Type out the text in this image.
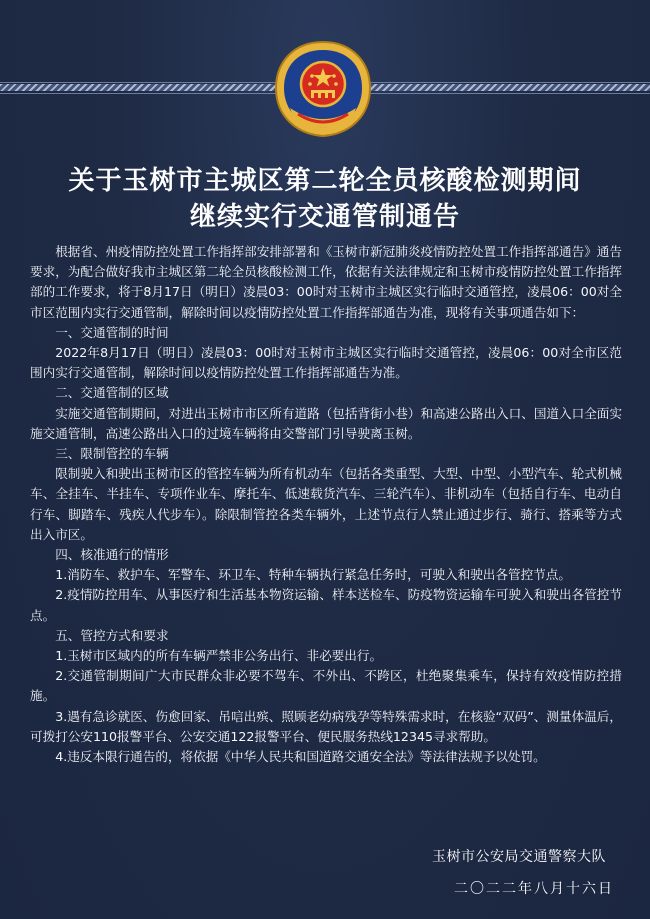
关于玉树市主城区第二轮全员核酸检测期间
继续实行交通管制通告

根据省、州疫情防控处置工作指挥部安排部署和《玉树市新冠肺炎疫情防控处置工作指挥部通告》通告要求，为配合做好我市主城区第二轮全员核酸检测工作，依据有关法律规定和玉树市疫情防控处置工作指挥部的工作要求，将于8月17日（明日）凌晨03：00时对玉树市主城区实行临时交通管控，凌晨06：00对全市区范围内实行交通管制，解除时间以疫情防控处置工作指挥部通告为准，现将有关事项通告如下：

一、交通管制的时间

2022年8月17日（明日）凌晨03：00时对玉树市主城区实行临时交通管控，凌晨06：00对全市区范围内实行交通管制，解除时间以疫情防控处置工作指挥部通告为准。

二、交通管制的区域

实施交通管制期间，对进出玉树市市区所有道路（包括背街小巷）和高速公路出入口、国道入口全面实施交通管制，高速公路出入口的过境车辆将由交警部门引导驶离玉树。

三、限制管控的车辆

限制驶入和驶出玉树市区的管控车辆为所有机动车（包括各类重型、大型、中型、小型汽车、轮式机械车、全挂车、半挂车、专项作业车、摩托车、低速载货汽车、三轮汽车）、非机动车（包括自行车、电动自行车、脚踏车、残疾人代步车）。除限制管控各类车辆外，上述节点行人禁止通过步行、骑行、搭乘等方式出入市区。

四、核准通行的情形

1.消防车、救护车、军警车、环卫车、特种车辆执行紧急任务时，可驶入和驶出各管控节点。

2.疫情防控用车、从事医疗和生活基本物资运输、样本送检车、防疫物资运输车可驶入和驶出各管控节点。

五、管控方式和要求

1.玉树市区域内的所有车辆严禁非公务出行、非必要出行。

2.交通管制期间广大市民群众非必要不驾车、不外出、不跨区，杜绝聚集乘车，保持有效疫情防控措施。

3.遇有急诊就医、伤愈回家、吊唁出殡、照顾老幼病残孕等特殊需求时，在核验“双码”、测量体温后，可拨打公安110报警平台、公安交通122报警平台、便民服务热线12345寻求帮助。

4.违反本限行通告的，将依据《中华人民共和国道路交通安全法》等法律法规予以处罚。

玉树市公安局交通警察大队
二〇二二年八月十六日
